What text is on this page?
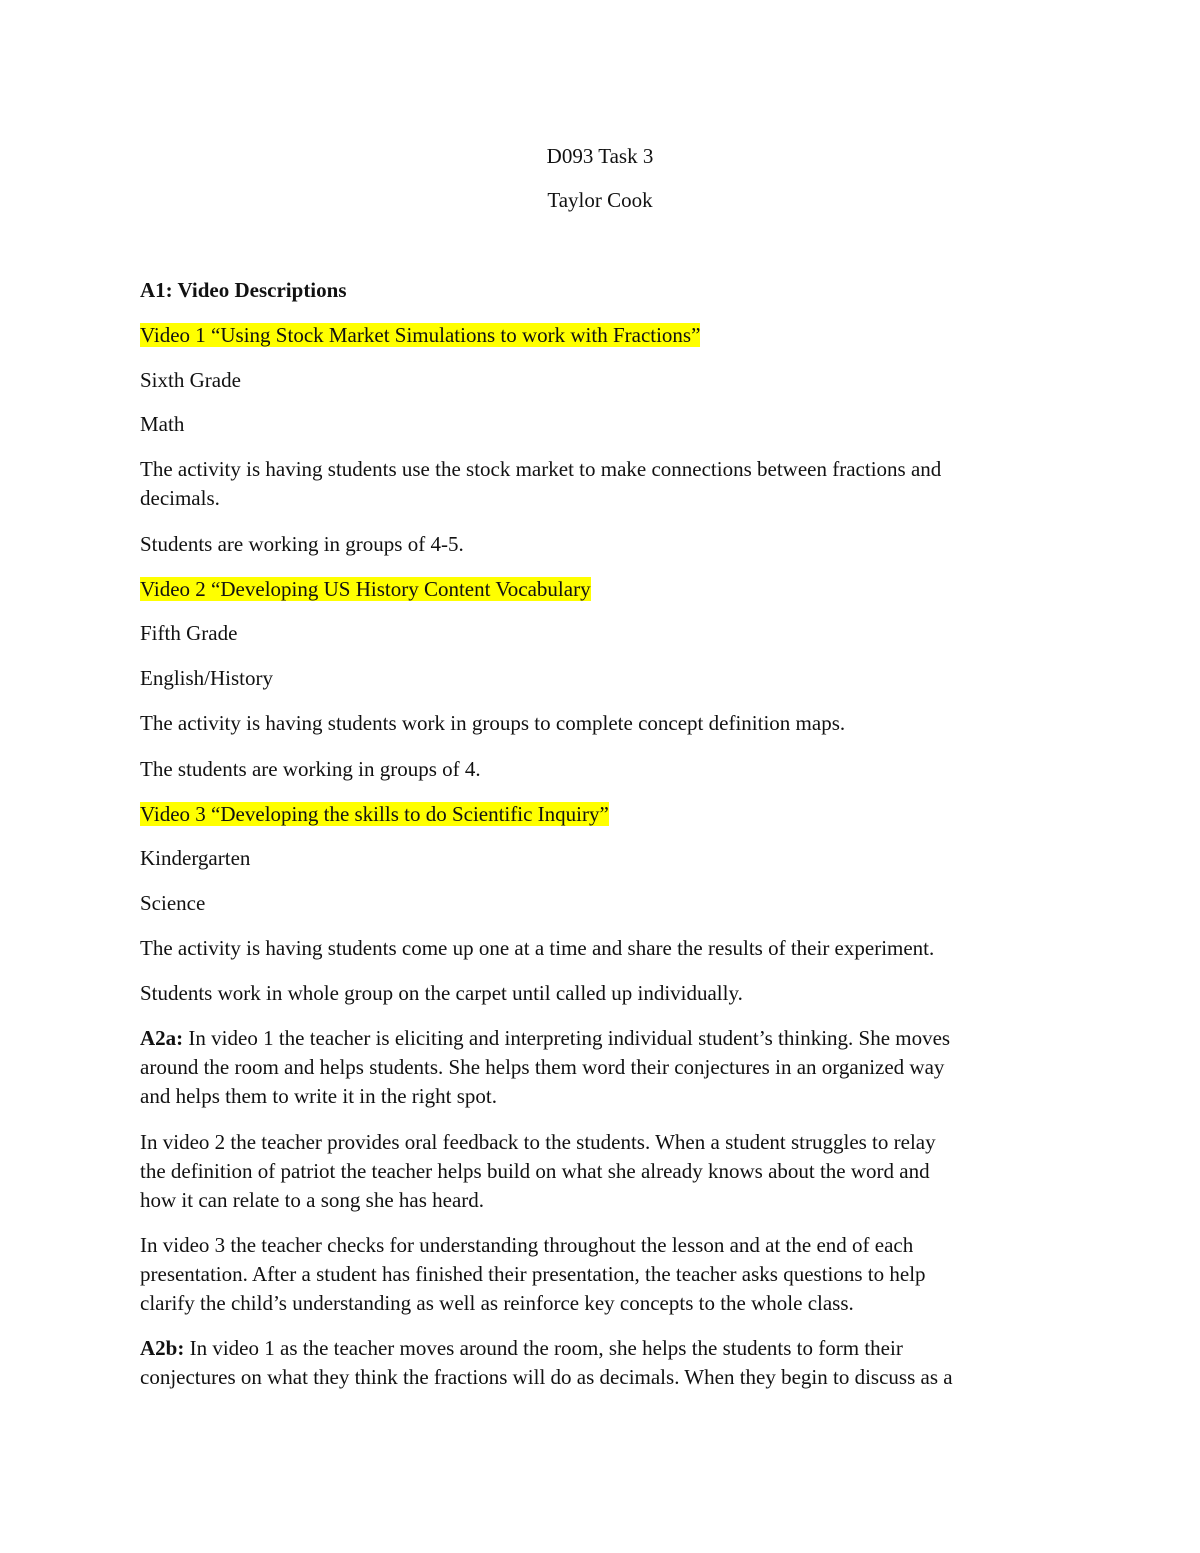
D093 Task 3
Taylor Cook
A1: Video Descriptions
Video 1 “Using Stock Market Simulations to work with Fractions”
Sixth Grade
Math
The activity is having students use the stock market to make connections between fractions and
decimals.
Students are working in groups of 4-5.
Video 2 “Developing US History Content Vocabulary
Fifth Grade
English/History
The activity is having students work in groups to complete concept definition maps.
The students are working in groups of 4.
Video 3 “Developing the skills to do Scientific Inquiry”
Kindergarten
Science
The activity is having students come up one at a time and share the results of their experiment.
Students work in whole group on the carpet until called up individually.
A2a: In video 1 the teacher is eliciting and interpreting individual student’s thinking. She moves
around the room and helps students. She helps them word their conjectures in an organized way
and helps them to write it in the right spot.
In video 2 the teacher provides oral feedback to the students. When a student struggles to relay
the definition of patriot the teacher helps build on what she already knows about the word and
how it can relate to a song she has heard.
In video 3 the teacher checks for understanding throughout the lesson and at the end of each
presentation. After a student has finished their presentation, the teacher asks questions to help
clarify the child’s understanding as well as reinforce key concepts to the whole class.
A2b: In video 1 as the teacher moves around the room, she helps the students to form their
conjectures on what they think the fractions will do as decimals. When they begin to discuss as a
